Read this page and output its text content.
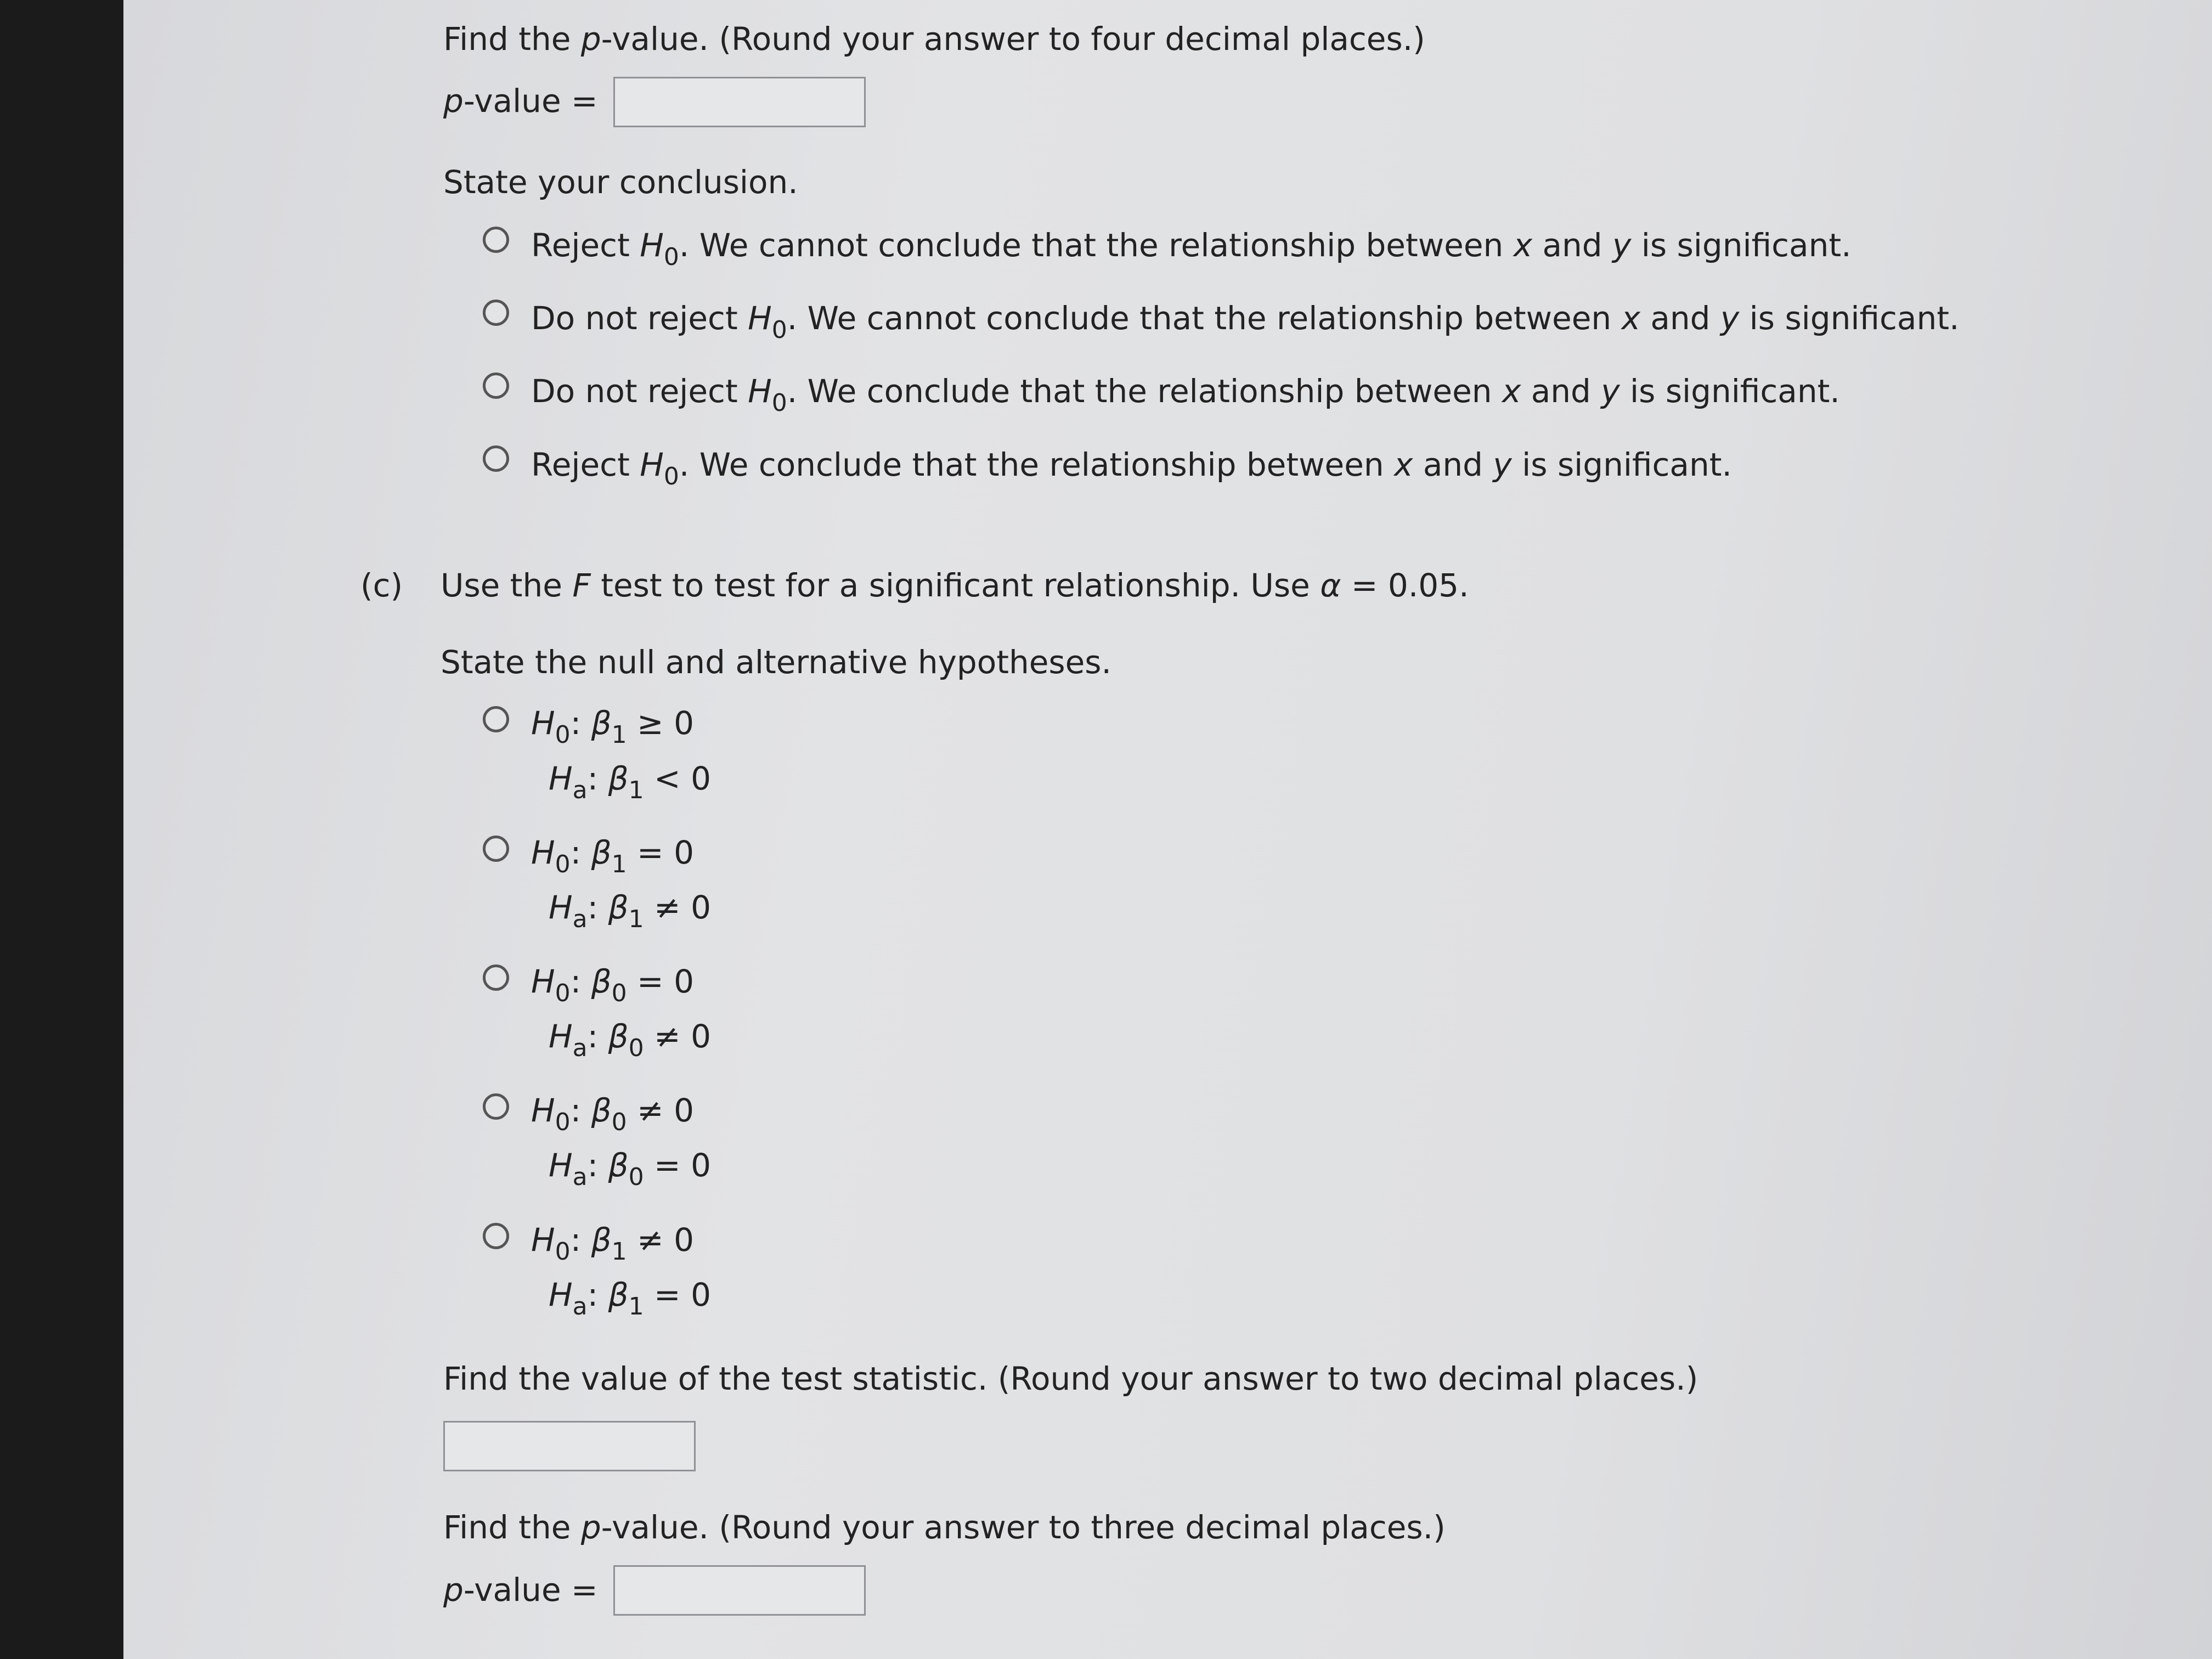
Find the p-value. (Round your answer to four decimal places.)
p-value =
State your conclusion.
Reject $H_0$. We cannot conclude that the relationship between x and y is significant.
Do not reject $H_0$. We cannot conclude that the relationship between x and y is significant.
Do not reject $H_0$. We conclude that the relationship between x and y is significant.
Reject $H_0$. We conclude that the relationship between x and y is significant.
(c) Use the F test to test for a significant relationship. Use α = 0.05.
State the null and alternative hypotheses.
$H_0$: $\beta_1 \ge 0$
$H_a$: $\beta_1 < 0$
$H_0$: $\beta_1 = 0$
$H_a$: $\beta_1 \ne 0$
$H_0$: $\beta_0 = 0$
$H_a$: $\beta_0 \ne 0$
$H_0$: $\beta_0 \ne 0$
$H_a$: $\beta_0 = 0$
$H_0$: $\beta_1 \ne 0$
$H_a$: $\beta_1 = 0$
Find the value of the test statistic. (Round your answer to two decimal places.)
Find the p-value. (Round your answer to three decimal places.)
p-value =
